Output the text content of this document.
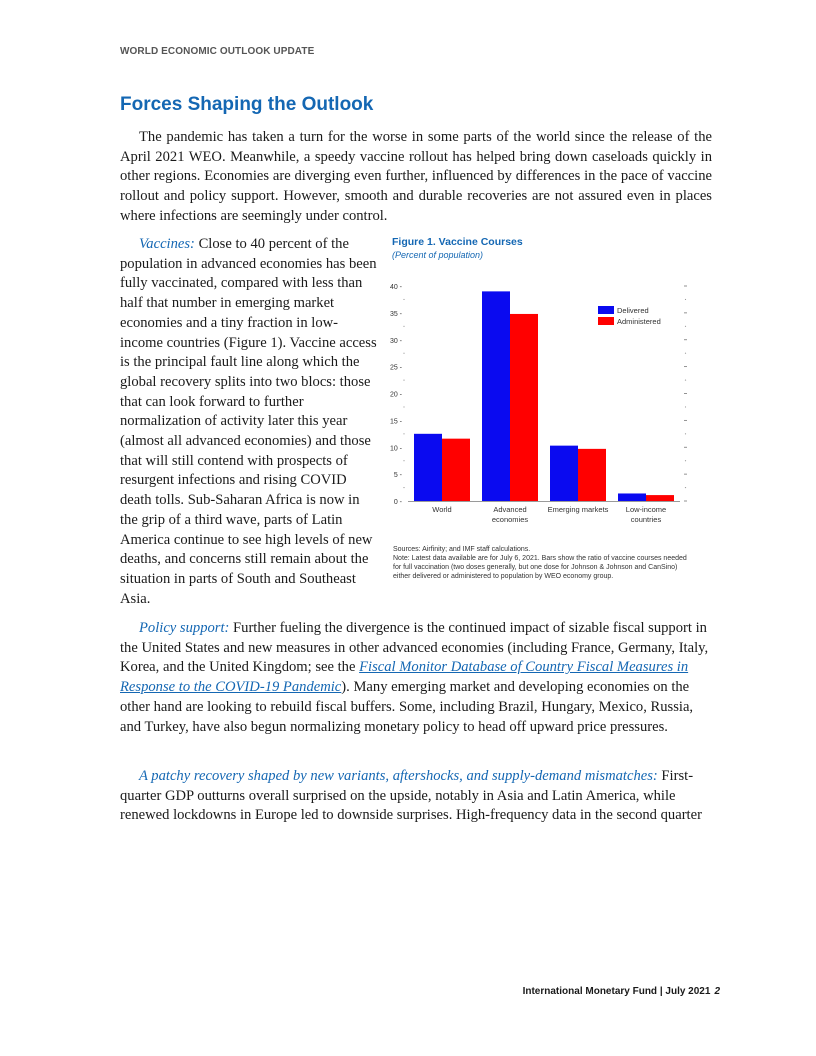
WORLD ECONOMIC OUTLOOK UPDATE
Forces Shaping the Outlook

The pandemic has taken a turn for the worse in some parts of the world since the release of the April 2021 WEO. Meanwhile, a speedy vaccine rollout has helped bring down caseloads quickly in other regions. Economies are diverging even further, influenced by differences in the pace of vaccine rollout and policy support. However, smooth and durable recoveries are not assured even in places where infections are seemingly under control.

Vaccines: Close to 40 percent of the population in advanced economies has been fully vaccinated, compared with less than half that number in emerging market economies and a tiny fraction in low-income countries (Figure 1). Vaccine access is the principal fault line along which the global recovery splits into two blocs: those that can look forward to further normalization of activity later this year (almost all advanced economies) and those that will still contend with prospects of resurgent infections and rising COVID death tolls. Sub-Saharan Africa is now in the grip of a third wave, parts of Latin America continue to see high levels of new deaths, and concerns still remain about the situation in parts of South and Southeast Asia.

Figure 1. Vaccine Courses
(Percent of population)
0 -
5 -
10 -
15 -
20 -
25 -
30 -
35 -
40 -
World	Advanced
economies
Emerging markets Low-income
countries
Delivered
Administered
Sources: Airfinity; and IMF staff calculations.
Note: Latest data available are for July 6, 2021. Bars show the ratio of vaccine courses needed for full vaccination (two doses generally, but one dose for Johnson & Johnson and CanSino) either delivered or administered to population by WEO economy group.

Policy support: Further fueling the divergence is the continued impact of sizable fiscal support in the United States and new measures in other advanced economies (including France, Germany, Italy, Korea, and the United Kingdom; see the Fiscal Monitor Database of Country Fiscal Measures in Response to the COVID-19 Pandemic). Many emerging market and developing economies on the other hand are looking to rebuild fiscal buffers. Some, including Brazil, Hungary, Mexico, Russia, and Turkey, have also begun normalizing monetary policy to head off upward price pressures.

A patchy recovery shaped by new variants, aftershocks, and supply-demand mismatches: First-quarter GDP outturns overall surprised on the upside, notably in Asia and Latin America, while renewed lockdowns in Europe led to downside surprises. High-frequency data in the second quarter

International Monetary Fund | July 2021 2
